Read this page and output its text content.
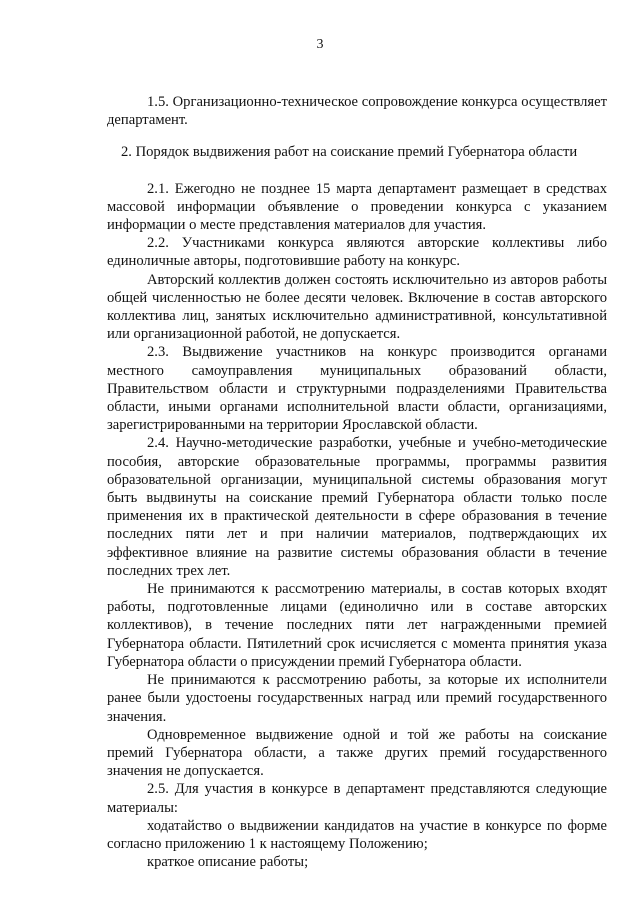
3

1.5. Организационно-техническое сопровождение конкурса осуществляет департамент.

2. Порядок выдвижения работ на соискание премий Губернатора области

2.1. Ежегодно не позднее 15 марта департамент размещает в средствах массовой информации объявление о проведении конкурса с указанием информации о месте представления материалов для участия.

2.2. Участниками конкурса являются авторские коллективы либо единоличные авторы, подготовившие работу на конкурс.

Авторский коллектив должен состоять исключительно из авторов работы общей численностью не более десяти человек. Включение в состав авторского коллектива лиц, занятых исключительно административной, консультативной или организационной работой, не допускается.

2.3. Выдвижение участников на конкурс производится органами местного самоуправления муниципальных образований области, Правительством области и структурными подразделениями Правительства области, иными органами исполнительной власти области, организациями, зарегистрированными на территории Ярославской области.

2.4. Научно-методические разработки, учебные и учебно-методические пособия, авторские образовательные программы, программы развития образовательной организации, муниципальной системы образования могут быть выдвинуты на соискание премий Губернатора области только после применения их в практической деятельности в сфере образования в течение последних пяти лет и при наличии материалов, подтверждающих их эффективное влияние на развитие системы образования области в течение последних трех лет.

Не принимаются к рассмотрению материалы, в состав которых входят работы, подготовленные лицами (единолично или в составе авторских коллективов), в течение последних пяти лет награжденными премией Губернатора области. Пятилетний срок исчисляется с момента принятия указа Губернатора области о присуждении премий Губернатора области.

Не принимаются к рассмотрению работы, за которые их исполнители ранее были удостоены государственных наград или премий государственного значения.

Одновременное выдвижение одной и той же работы на соискание премий Губернатора области, а также других премий государственного значения не допускается.

2.5. Для участия в конкурсе в департамент представляются следующие материалы:

ходатайство о выдвижении кандидатов на участие в конкурсе по форме согласно приложению 1 к настоящему Положению;

краткое описание работы;
